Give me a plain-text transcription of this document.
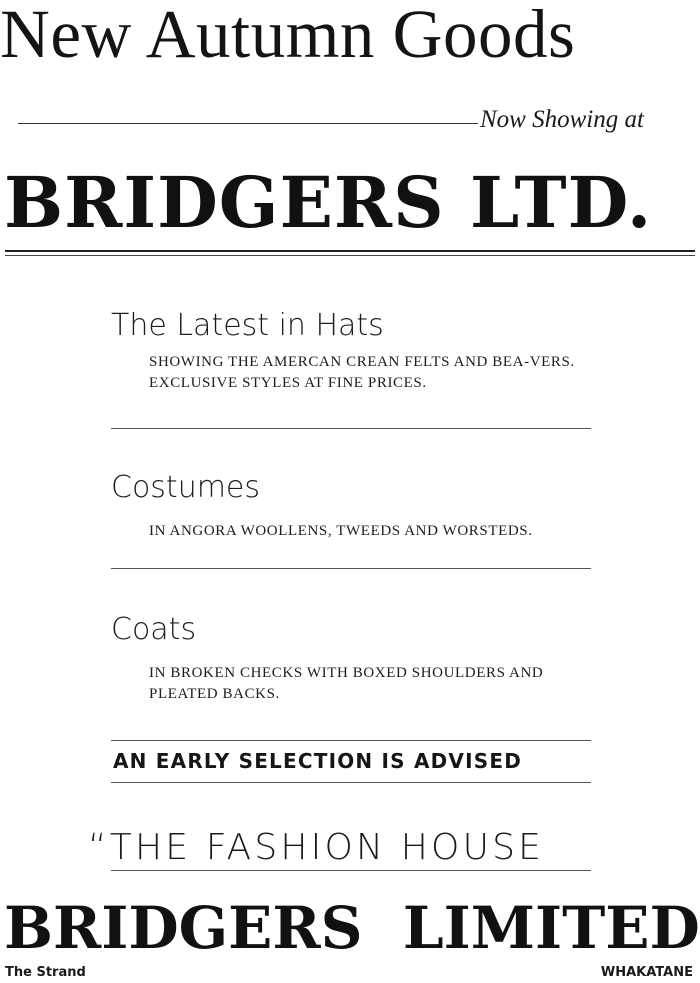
New Autumn Goods
Now Showing at
BRIDGERS LTD.
The Latest in Hats
SHOWING THE AMERCAN CREAN FELTS AND BEA-VERS. EXCLUSIVE STYLES AT FINE PRICES.
Costumes
IN ANGORA WOOLLENS, TWEEDS AND WORSTEDS.
Coats
IN BROKEN CHECKS WITH BOXED SHOULDERS AND PLEATED BACKS.
AN EARLY SELECTION IS ADVISED
“THE FASHION HOUSE
BRIDGERS  LIMITED
The Strand	WHAKATANE
